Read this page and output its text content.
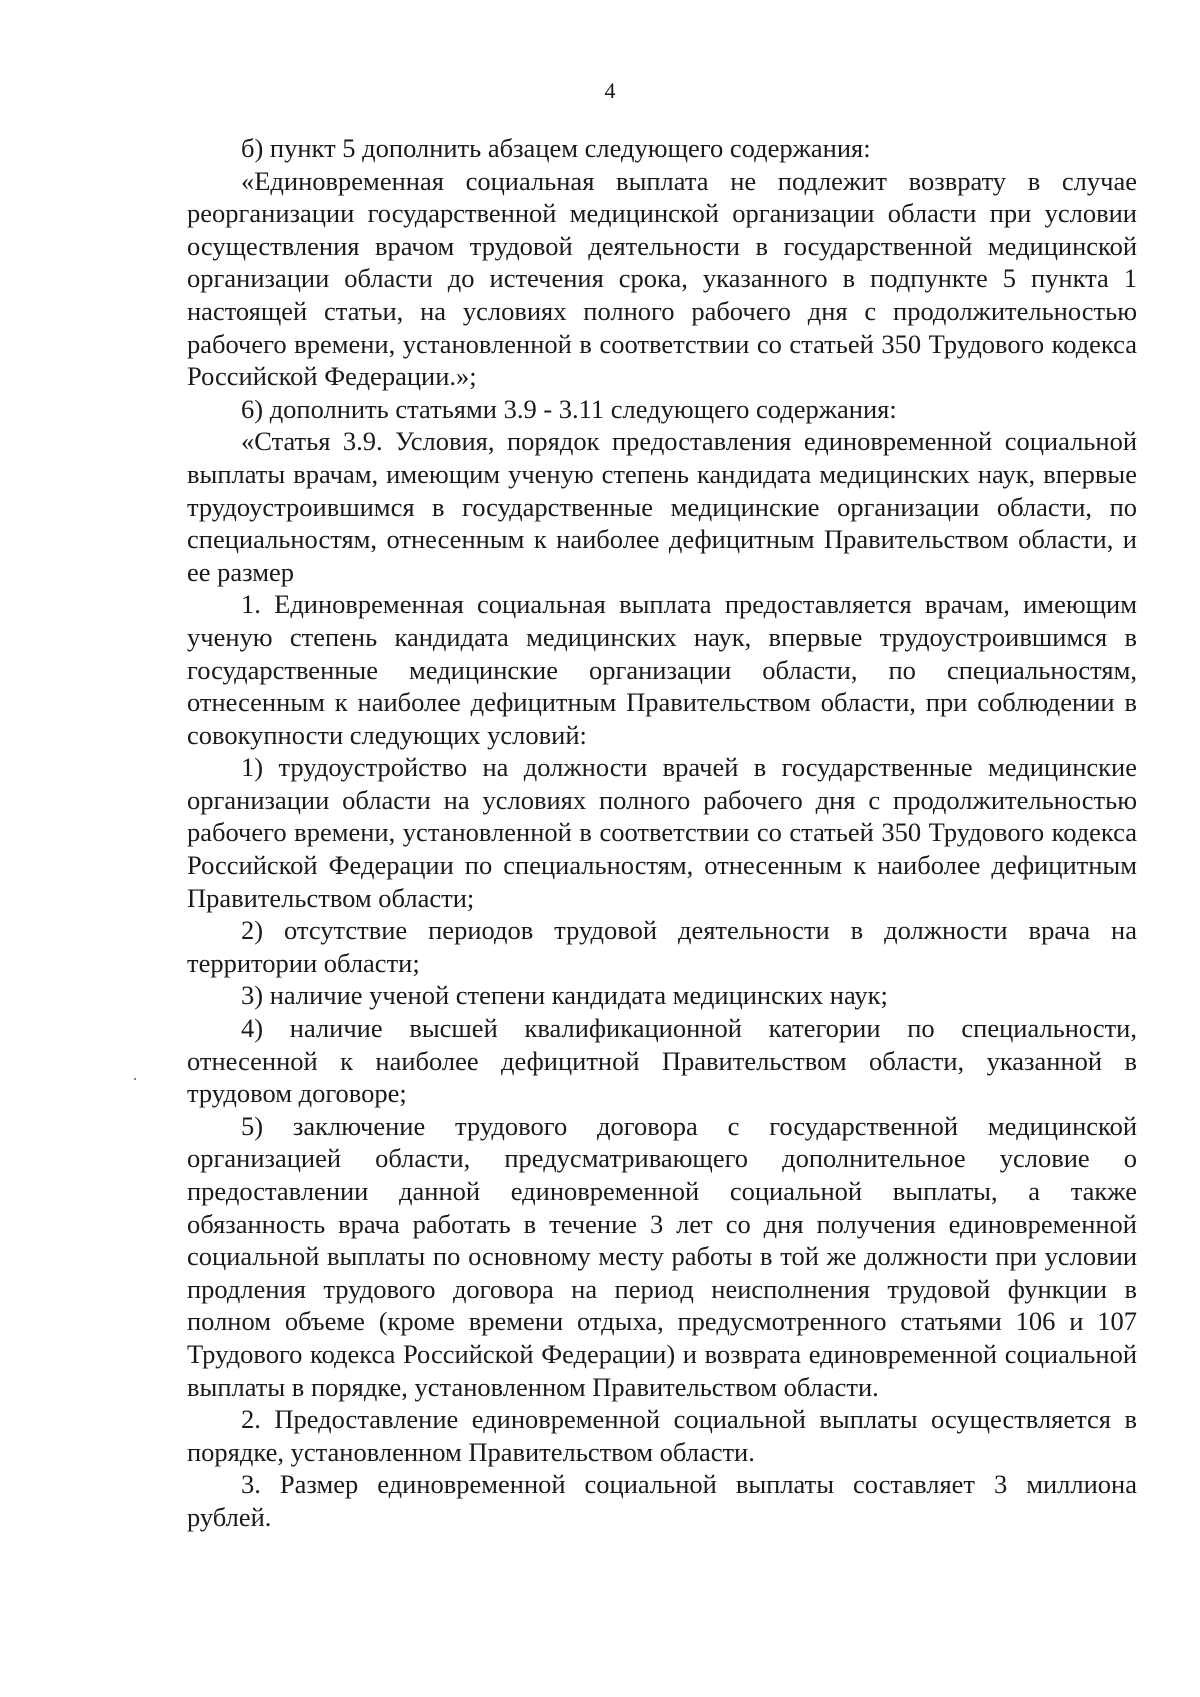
4

б) пункт 5 дополнить абзацем следующего содержания:

«Единовременная социальная выплата не подлежит возврату в случае реорганизации государственной медицинской организации области при условии осуществления врачом трудовой деятельности в государственной медицинской организации области до истечения срока, указанного в подпункте 5 пункта 1 настоящей статьи, на условиях полного рабочего дня с продолжительностью рабочего времени, установленной в соответствии со статьей 350 Трудового кодекса Российской Федерации.»;

6) дополнить статьями 3.9 - 3.11 следующего содержания:

«Статья 3.9. Условия, порядок предоставления единовременной социальной выплаты врачам, имеющим ученую степень кандидата медицинских наук, впервые трудоустроившимся в государственные медицинские организации области, по специальностям, отнесенным к наиболее дефицитным Правительством области, и ее размер

1. Единовременная социальная выплата предоставляется врачам, имеющим ученую степень кандидата медицинских наук, впервые трудоустроившимся в государственные медицинские организации области, по специальностям, отнесенным к наиболее дефицитным Правительством области, при соблюдении в совокупности следующих условий:

1) трудоустройство на должности врачей в государственные медицинские организации области на условиях полного рабочего дня с продолжительностью рабочего времени, установленной в соответствии со статьей 350 Трудового кодекса Российской Федерации по специальностям, отнесенным к наиболее дефицитным Правительством области;

2) отсутствие периодов трудовой деятельности в должности врача на территории области;

3) наличие ученой степени кандидата медицинских наук;

4) наличие высшей квалификационной категории по специальности, отнесенной к наиболее дефицитной Правительством области, указанной в трудовом договоре;

5) заключение трудового договора с государственной медицинской организацией области, предусматривающего дополнительное условие о предоставлении данной единовременной социальной выплаты, а также обязанность врача работать в течение 3 лет со дня получения единовременной социальной выплаты по основному месту работы в той же должности при условии продления трудового договора на период неисполнения трудовой функции в полном объеме (кроме времени отдыха, предусмотренного статьями 106 и 107 Трудового кодекса Российской Федерации) и возврата единовременной социальной выплаты в порядке, установленном Правительством области.

2. Предоставление единовременной социальной выплаты осуществляется в порядке, установленном Правительством области.

3. Размер единовременной социальной выплаты составляет 3 миллиона рублей.
